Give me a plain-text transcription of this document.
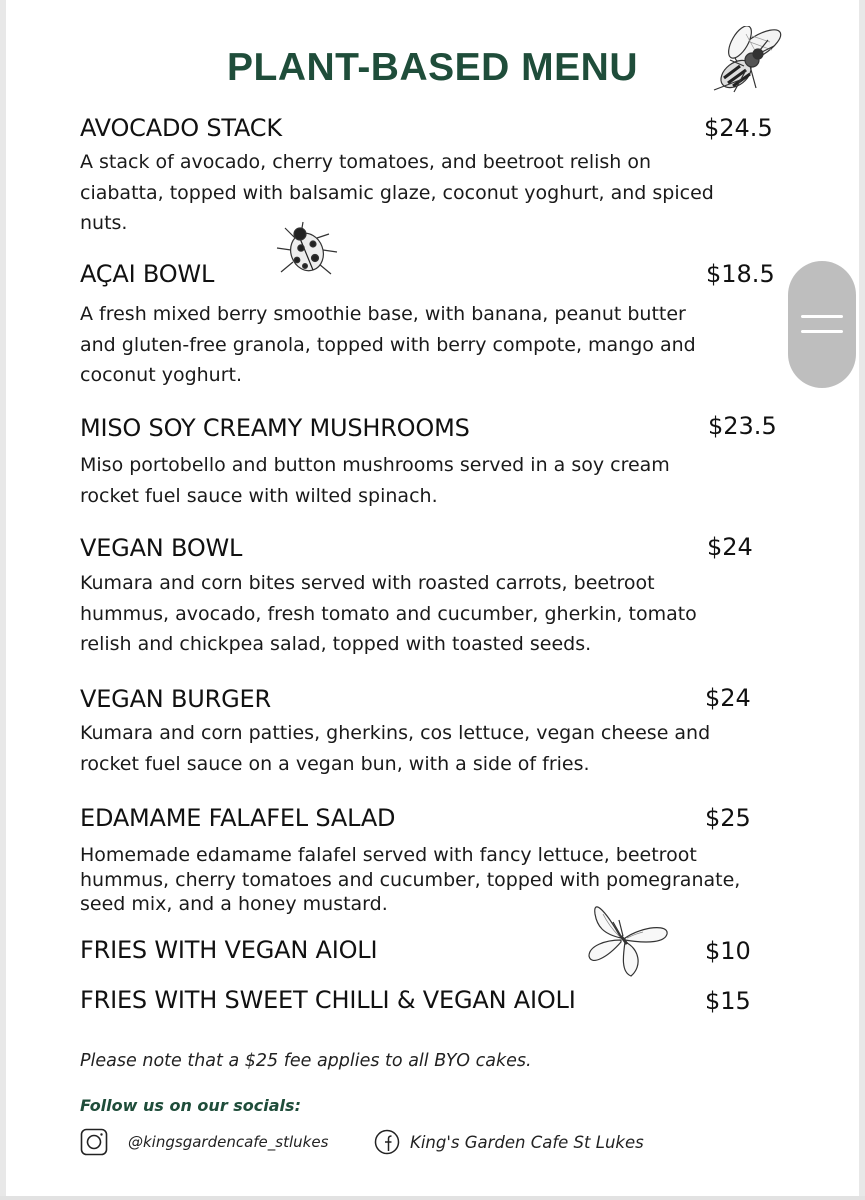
PLANT-BASED MENU
AVOCADO STACK	$24.5
A stack of avocado, cherry tomatoes, and beetroot relish on ciabatta, topped with balsamic glaze, coconut yoghurt, and spiced nuts.
AÇAI BOWL	$18.5
A fresh mixed berry smoothie base, with banana, peanut butter and gluten-free granola, topped with berry compote, mango and coconut yoghurt.
MISO SOY CREAMY MUSHROOMS	$23.5
Miso portobello and button mushrooms served in a soy cream rocket fuel sauce with wilted spinach.
VEGAN BOWL	$24
Kumara and corn bites served with roasted carrots, beetroot hummus, avocado, fresh tomato and cucumber, gherkin, tomato relish and chickpea salad, topped with toasted seeds.
VEGAN BURGER	$24
Kumara and corn patties, gherkins, cos lettuce, vegan cheese and rocket fuel sauce on a vegan bun, with a side of fries.
EDAMAME FALAFEL SALAD	$25
Homemade edamame falafel served with fancy lettuce, beetroot hummus, cherry tomatoes and cucumber, topped with pomegranate, seed mix, and a honey mustard.
FRIES WITH VEGAN AIOLI	$10
FRIES WITH SWEET CHILLI & VEGAN AIOLI	$15
Please note that a $25 fee applies to all BYO cakes.
Follow us on our socials:
@kingsgardencafe_stlukes	King's Garden Cafe St Lukes
